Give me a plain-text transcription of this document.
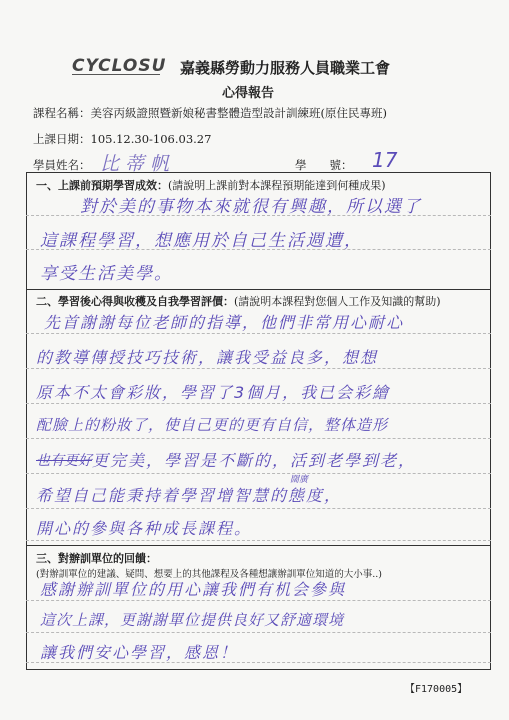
CYCLOSU 嘉義縣勞動力服務人員職業工會
心得報告
課程名稱：美容丙級證照暨新娘秘書整體造型設計訓練班(原住民專班)
上課日期：105.12.30-106.03.27
學員姓名： 比蒂帆	學　　號： 17
一、上課前預期學習成效：(請說明上課前對本課程預期能達到何種成果)
對於美的事物本來就很有興趣，所以選了
這課程學習，想應用於自己生活週遭，
享受生活美學。
二、學習後心得與收穫及自我學習評價：(請說明本課程對您個人工作及知識的幫助)
先首謝謝每位老師的指導，他們非常用心耐心
的教導傳授技巧技術，讓我受益良多，想想
原本不太會彩妝，學習了3個月，我已会彩繪
配臉上的粉妝了，使自己更的更有自信，整体造形
也有更好 更完美，學習是不斷的，活到老學到老，
闊廣
希望自己能秉持着學習增智慧的態度，
開心的參與各种成長課程。
三、對辦訓單位的回饋：
(對辦訓單位的建議、疑問、想要上的其他課程及各種想讓辦訓單位知道的大小事..)
感謝辦訓單位的用心讓我們有机会參與
這次上課，更謝謝單位提供良好又舒適環境
讓我們安心學習，感恩！
【F170005】
